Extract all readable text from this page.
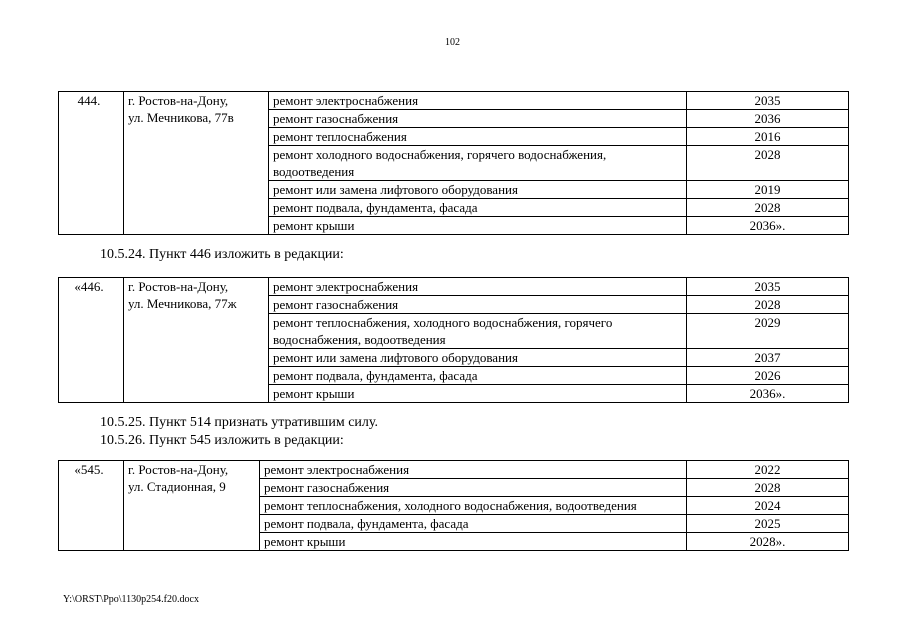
102
444.	г. Ростов-на-Дону,
ул. Мечникова, 77в	ремонт электроснабжения	2035
		ремонт газоснабжения	2036
		ремонт теплоснабжения	2016
		ремонт холодного водоснабжения, горячего водоснабжения, водоотведения	2028
		ремонт или замена лифтового оборудования	2019
		ремонт подвала, фундамента, фасада	2028
		ремонт крыши	2036».
10.5.24. Пункт 446 изложить в редакции:
«446.	г. Ростов-на-Дону,
ул. Мечникова, 77ж	ремонт электроснабжения	2035
		ремонт газоснабжения	2028
		ремонт теплоснабжения, холодного водоснабжения, горячего водоснабжения, водоотведения	2029
		ремонт или замена лифтового оборудования	2037
		ремонт подвала, фундамента, фасада	2026
		ремонт крыши	2036».
10.5.25. Пункт 514 признать утратившим силу.
10.5.26. Пункт 545 изложить в редакции:
«545.	г. Ростов-на-Дону,
ул. Стадионная, 9	ремонт электроснабжения	2022
		ремонт газоснабжения	2028
		ремонт теплоснабжения, холодного водоснабжения, водоотведения	2024
		ремонт подвала, фундамента, фасада	2025
		ремонт крыши	2028».
Y:\ORST\Ppo\1130p254.f20.docx
